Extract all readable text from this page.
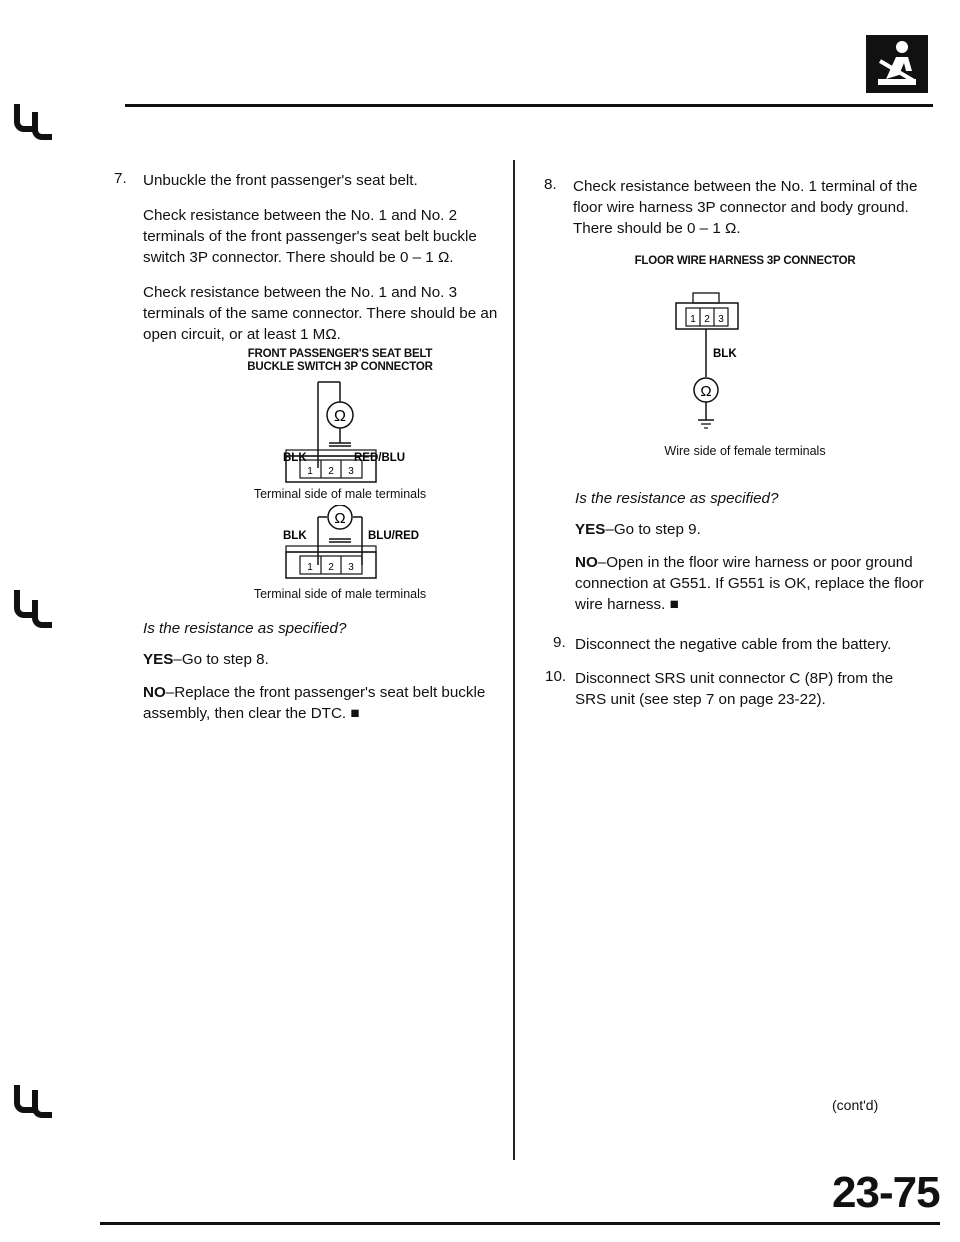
7. Unbuckle the front passenger's seat belt.
Check resistance between the No. 1 and No. 2 terminals of the front passenger's seat belt buckle switch 3P connector. There should be 0 – 1 Ω.
Check resistance between the No. 1 and No. 3 terminals of the same connector. There should be an open circuit, or at least 1 MΩ.
FRONT PASSENGER'S SEAT BELT
BUCKLE SWITCH 3P CONNECTOR
Ω
BLK	RED/BLU
1 2 3
Terminal side of male terminals
Ω
BLK	BLU/RED
1 2 3
Terminal side of male terminals
Is the resistance as specified?
YES–Go to step 8.
NO–Replace the front passenger's seat belt buckle assembly, then clear the DTC. ■
8. Check resistance between the No. 1 terminal of the floor wire harness 3P connector and body ground. There should be 0 – 1 Ω.
FLOOR WIRE HARNESS 3P CONNECTOR
1 2 3
BLK
Ω
Wire side of female terminals
Is the resistance as specified?
YES–Go to step 9.
NO–Open in the floor wire harness or poor ground connection at G551. If G551 is OK, replace the floor wire harness. ■
9. Disconnect the negative cable from the battery.
10. Disconnect SRS unit connector C (8P) from the SRS unit (see step 7 on page 23-22).
(cont'd)
23-75
